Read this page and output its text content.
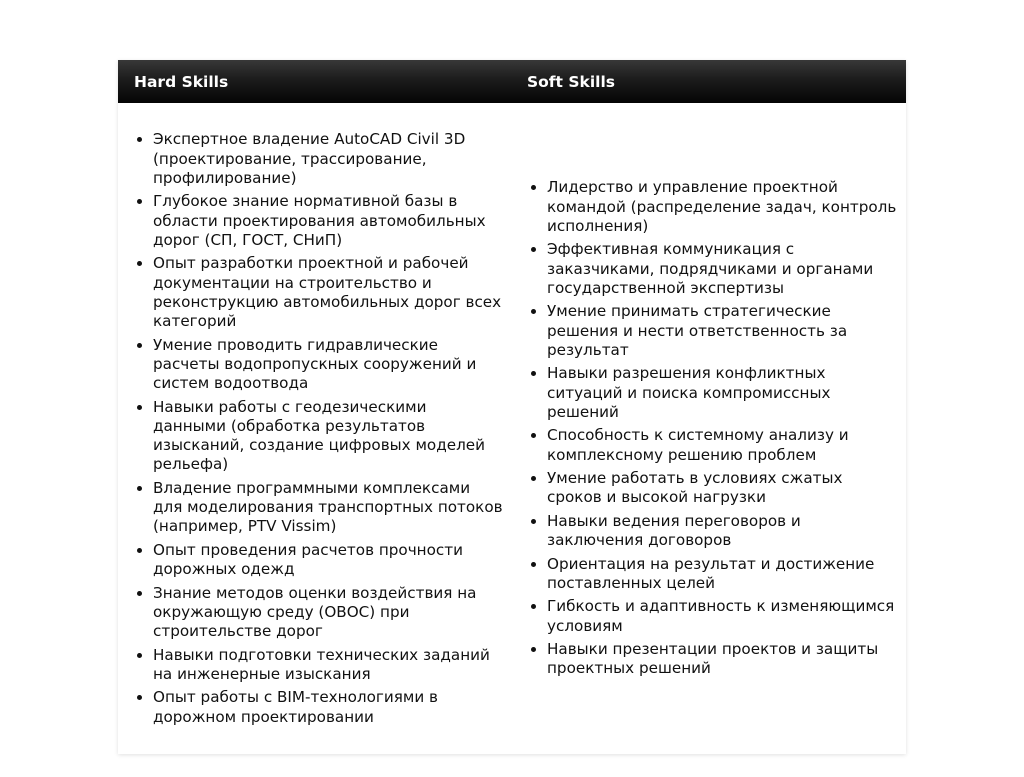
Hard Skills	Soft Skills
• Экспертное владение AutoCAD Civil 3D (проектирование, трассирование, профилирование)
• Глубокое знание нормативной базы в области проектирования автомобильных дорог (СП, ГОСТ, СНиП)
• Опыт разработки проектной и рабочей документации на строительство и реконструкцию автомобильных дорог всех категорий
• Умение проводить гидравлические расчеты водопропускных сооружений и систем водоотвода
• Навыки работы с геодезическими данными (обработка результатов изысканий, создание цифровых моделей рельефа)
• Владение программными комплексами для моделирования транспортных потоков (например, PTV Vissim)
• Опыт проведения расчетов прочности дорожных одежд
• Знание методов оценки воздействия на окружающую среду (ОВОС) при строительстве дорог
• Навыки подготовки технических заданий на инженерные изыскания
• Опыт работы с BIM-технологиями в дорожном проектировании
• Лидерство и управление проектной командой (распределение задач, контроль исполнения)
• Эффективная коммуникация с заказчиками, подрядчиками и органами государственной экспертизы
• Умение принимать стратегические решения и нести ответственность за результат
• Навыки разрешения конфликтных ситуаций и поиска компромиссных решений
• Способность к системному анализу и комплексному решению проблем
• Умение работать в условиях сжатых сроков и высокой нагрузки
• Навыки ведения переговоров и заключения договоров
• Ориентация на результат и достижение поставленных целей
• Гибкость и адаптивность к изменяющимся условиям
• Навыки презентации проектов и защиты проектных решений
